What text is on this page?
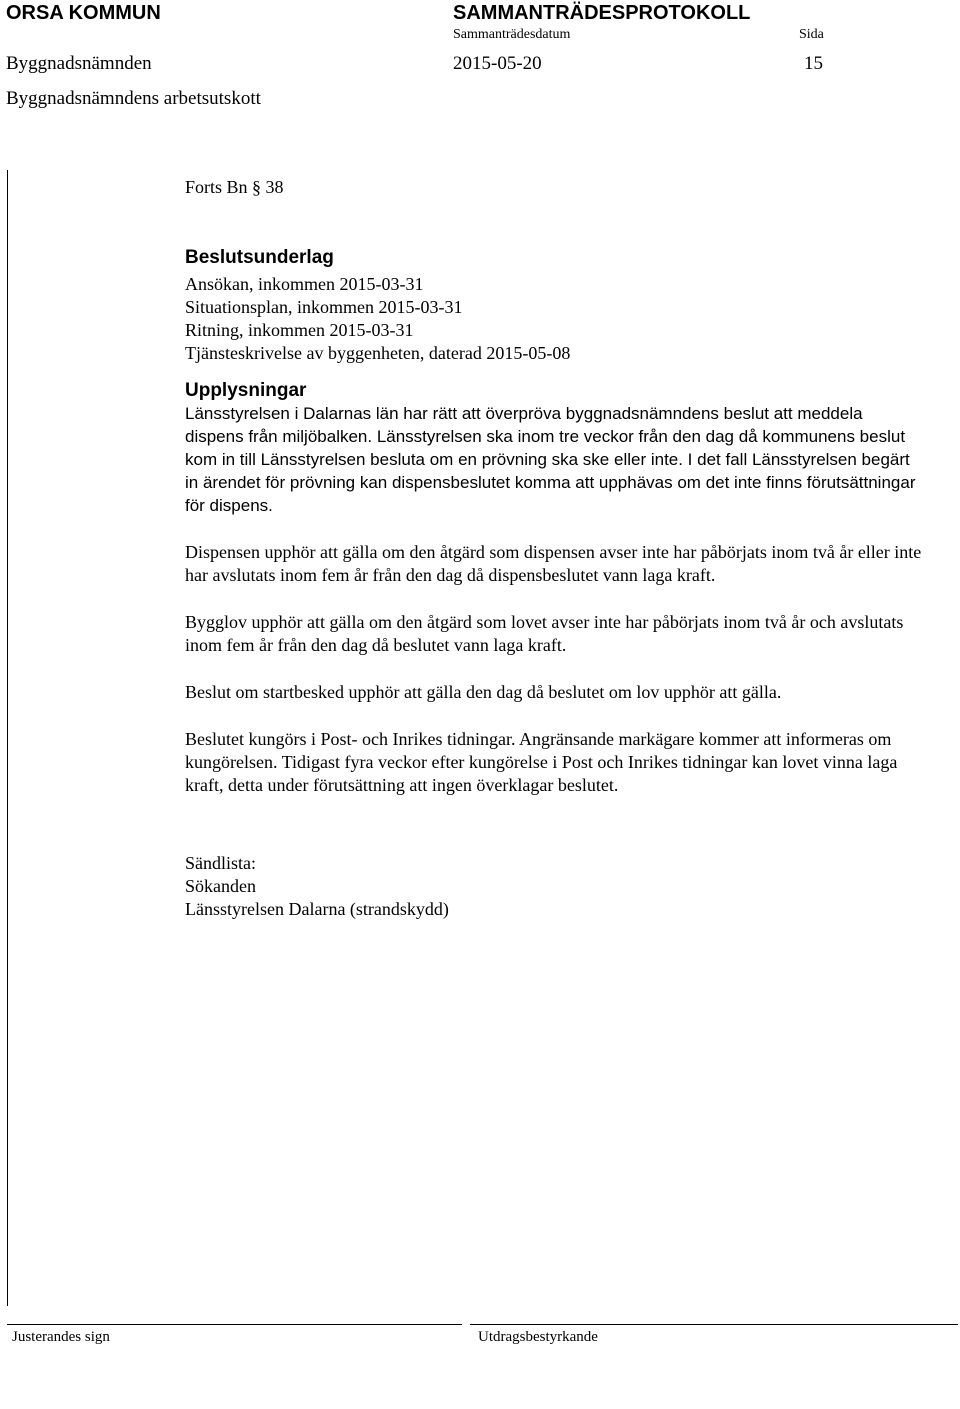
ORSA KOMMUN	SAMMANTRÄDESPROTOKOLL
Sammanträdesdatum	Sida
Byggnadsnämnden	2015-05-20	15
Byggnadsnämndens arbetsutskott

Forts Bn § 38

Beslutsunderlag

Ansökan, inkommen 2015-03-31

Situationsplan, inkommen 2015-03-31

Ritning, inkommen 2015-03-31

Tjänsteskrivelse av byggenheten, daterad 2015-05-08

Upplysningar

Länsstyrelsen i Dalarnas län har rätt att överpröva byggnadsnämndens beslut att meddela dispens från miljöbalken. Länsstyrelsen ska inom tre veckor från den dag då kommunens beslut kom in till Länsstyrelsen besluta om en prövning ska ske eller inte. I det fall Länsstyrelsen begärt in ärendet för prövning kan dispensbeslutet komma att upphävas om det inte finns förutsättningar för dispens.

Dispensen upphör att gälla om den åtgärd som dispensen avser inte har påbörjats inom två år eller inte har avslutats inom fem år från den dag då dispensbeslutet vann laga kraft.

Bygglov upphör att gälla om den åtgärd som lovet avser inte har påbörjats inom två år och avslutats inom fem år från den dag då beslutet vann laga kraft.

Beslut om startbesked upphör att gälla den dag då beslutet om lov upphör att gälla.

Beslutet kungörs i Post- och Inrikes tidningar. Angränsande markägare kommer att informeras om kungörelsen. Tidigast fyra veckor efter kungörelse i Post och Inrikes tidningar kan lovet vinna laga kraft, detta under förutsättning att ingen överklagar beslutet.

Sändlista:

Sökanden

Länsstyrelsen Dalarna (strandskydd)

Justerandes sign	Utdragsbestyrkande
